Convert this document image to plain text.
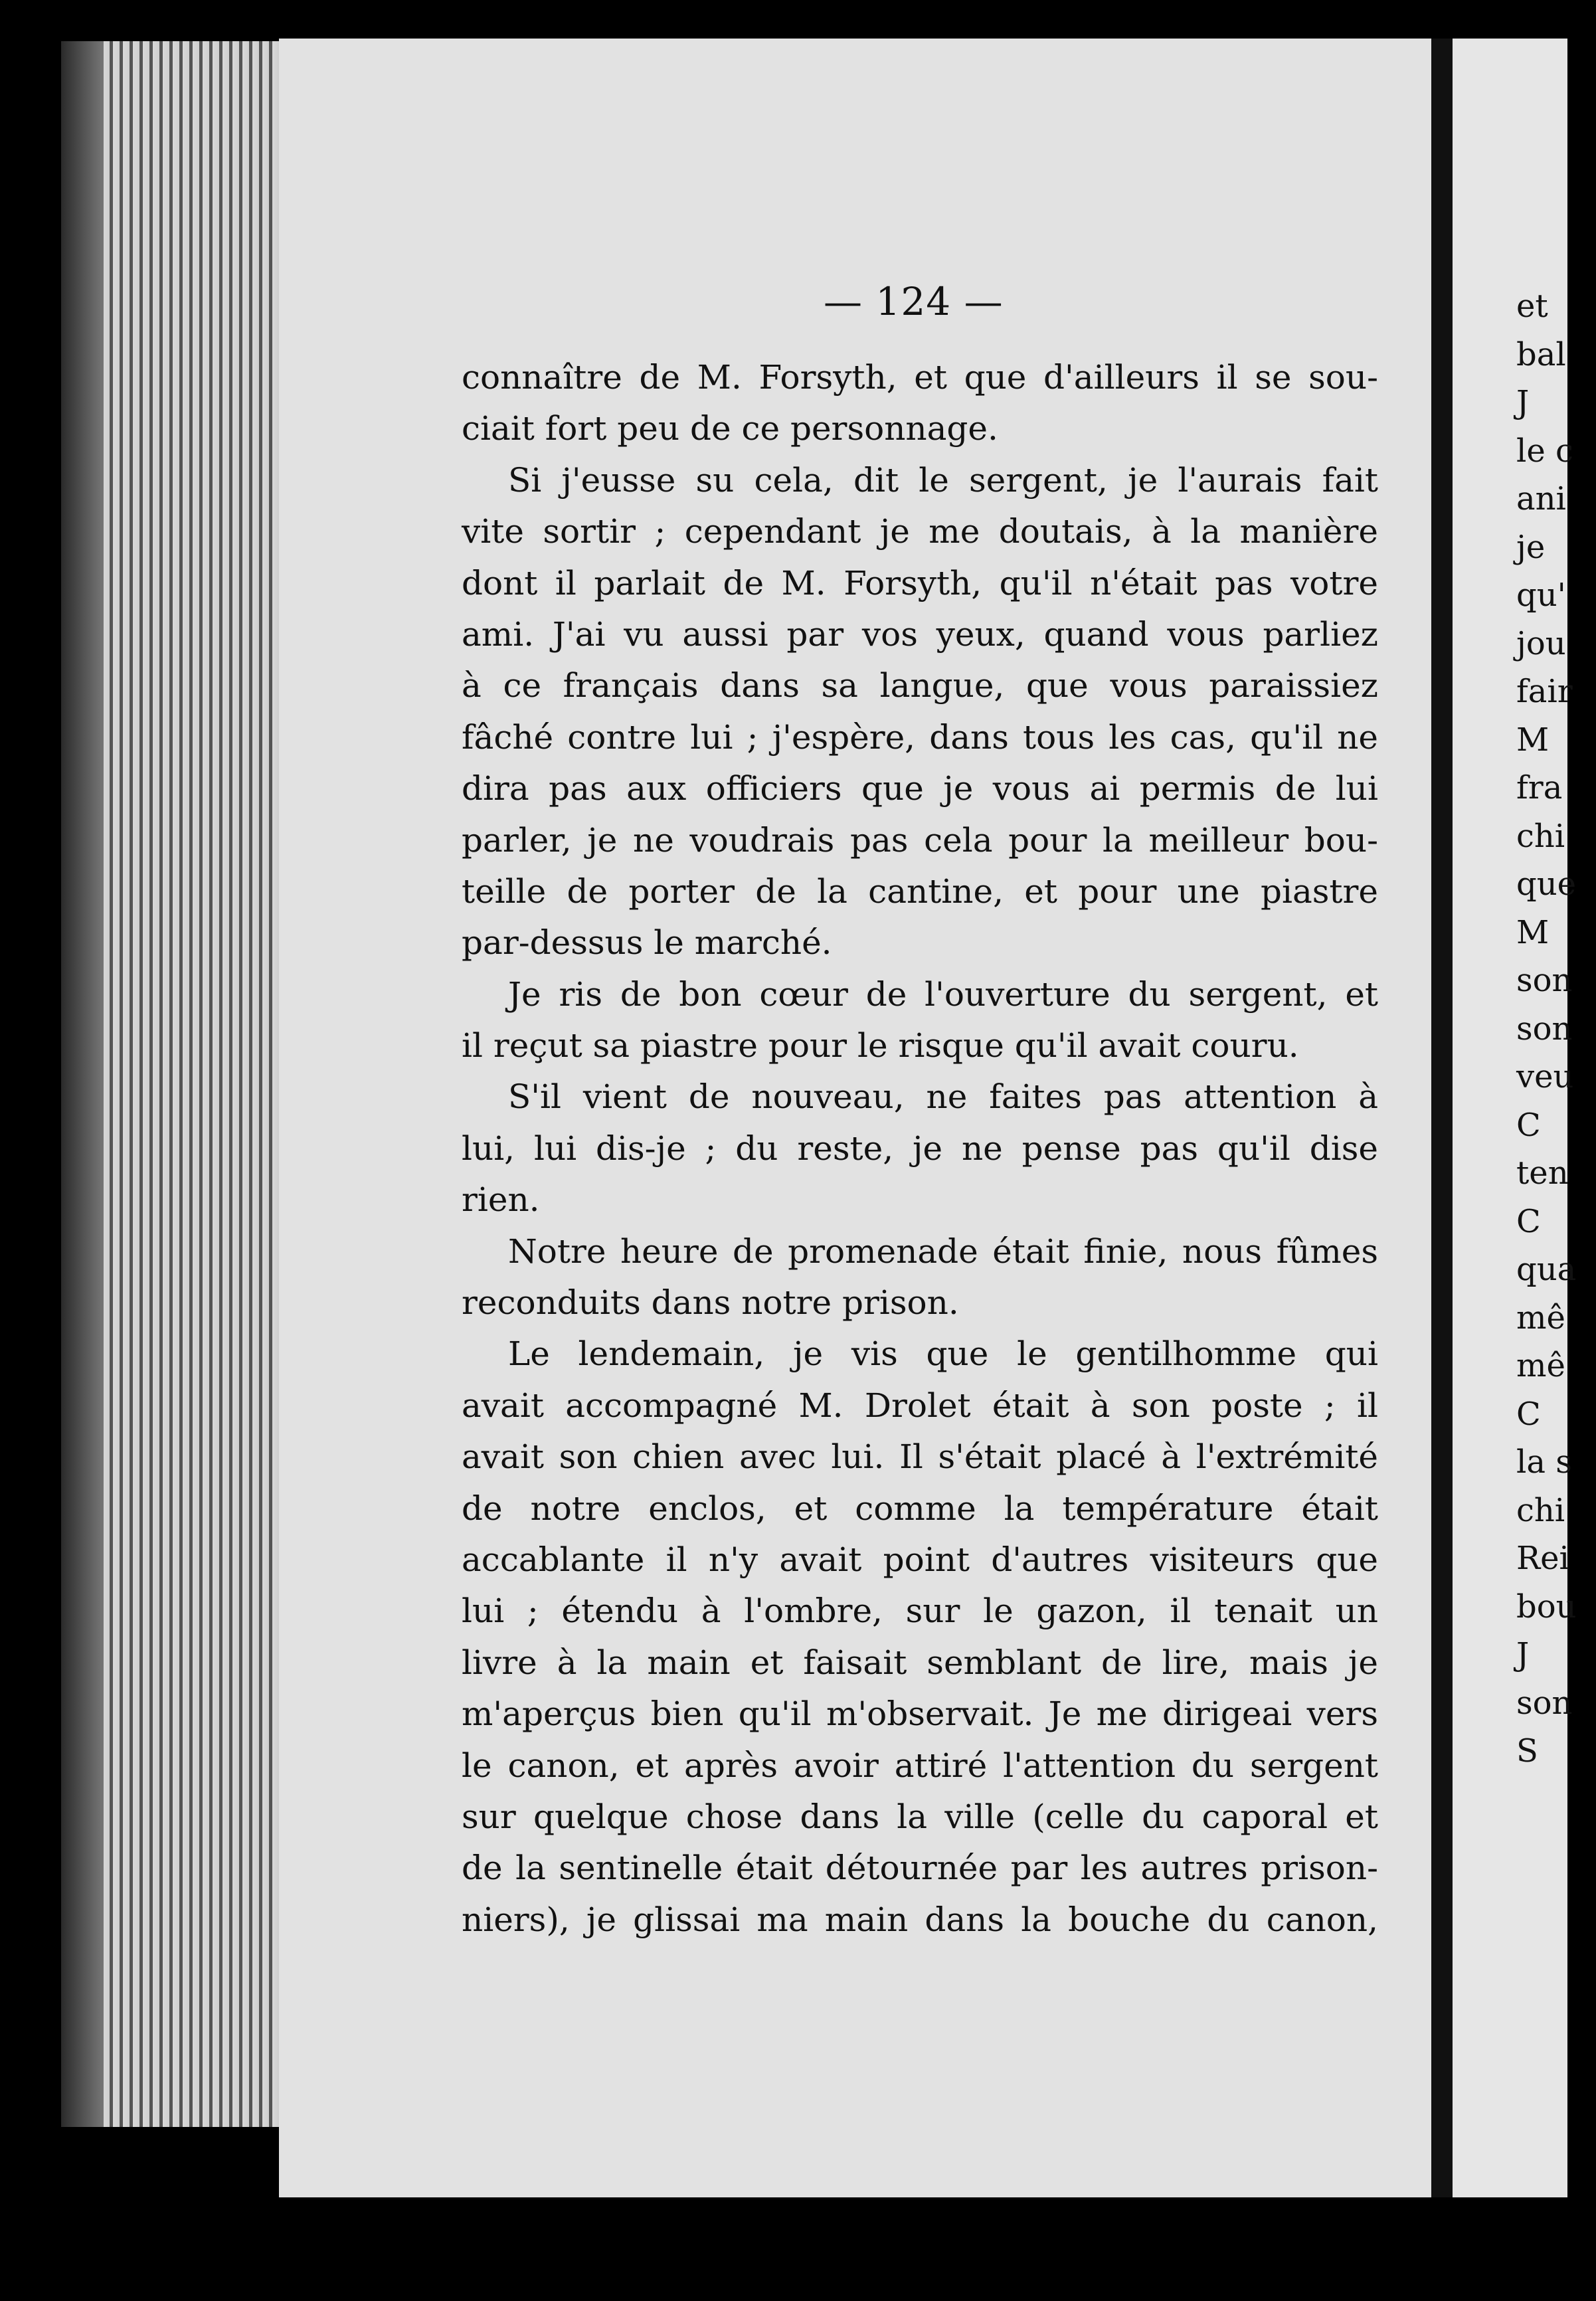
— 124 —
connaître de M. Forsyth, et que d'ailleurs il se sou-
ciait fort peu de ce personnage.
Si j'eusse su cela, dit le sergent, je l'aurais fait
vite sortir ; cependant je me doutais, à la manière
dont il parlait de M. Forsyth, qu'il n'était pas votre
ami. J'ai vu aussi par vos yeux, quand vous parliez
à ce français dans sa langue, que vous paraissiez
fâché contre lui ; j'espère, dans tous les cas, qu'il ne
dira pas aux officiers que je vous ai permis de lui
parler, je ne voudrais pas cela pour la meilleur bou-
teille de porter de la cantine, et pour une piastre
par-dessus le marché.
Je ris de bon cœur de l'ouverture du sergent, et
il reçut sa piastre pour le risque qu'il avait couru.
S'il vient de nouveau, ne faites pas attention à
lui, lui dis-je ; du reste, je ne pense pas qu'il dise
rien.
Notre heure de promenade était finie, nous fûmes
reconduits dans notre prison.
Le lendemain, je vis que le gentilhomme qui
avait accompagné M. Drolet était à son poste ; il
avait son chien avec lui. Il s'était placé à l'extrémité
de notre enclos, et comme la température était
accablante il n'y avait point d'autres visiteurs que
lui ; étendu à l'ombre, sur le gazon, il tenait un
livre à la main et faisait semblant de lire, mais je
m'aperçus bien qu'il m'observait. Je me dirigeai vers
le canon, et après avoir attiré l'attention du sergent
sur quelque chose dans la ville (celle du caporal et
de la sentinelle était détournée par les autres prison-
niers), je glissai ma main dans la bouche du canon,
et
bal
J
le c
ani
je
qu'
jou
fair
M
fra
chi
que
M
son
son
veu
C
ten
C
qua
mê
mê
C
la s
chi
Rei
bou
J
son
S
